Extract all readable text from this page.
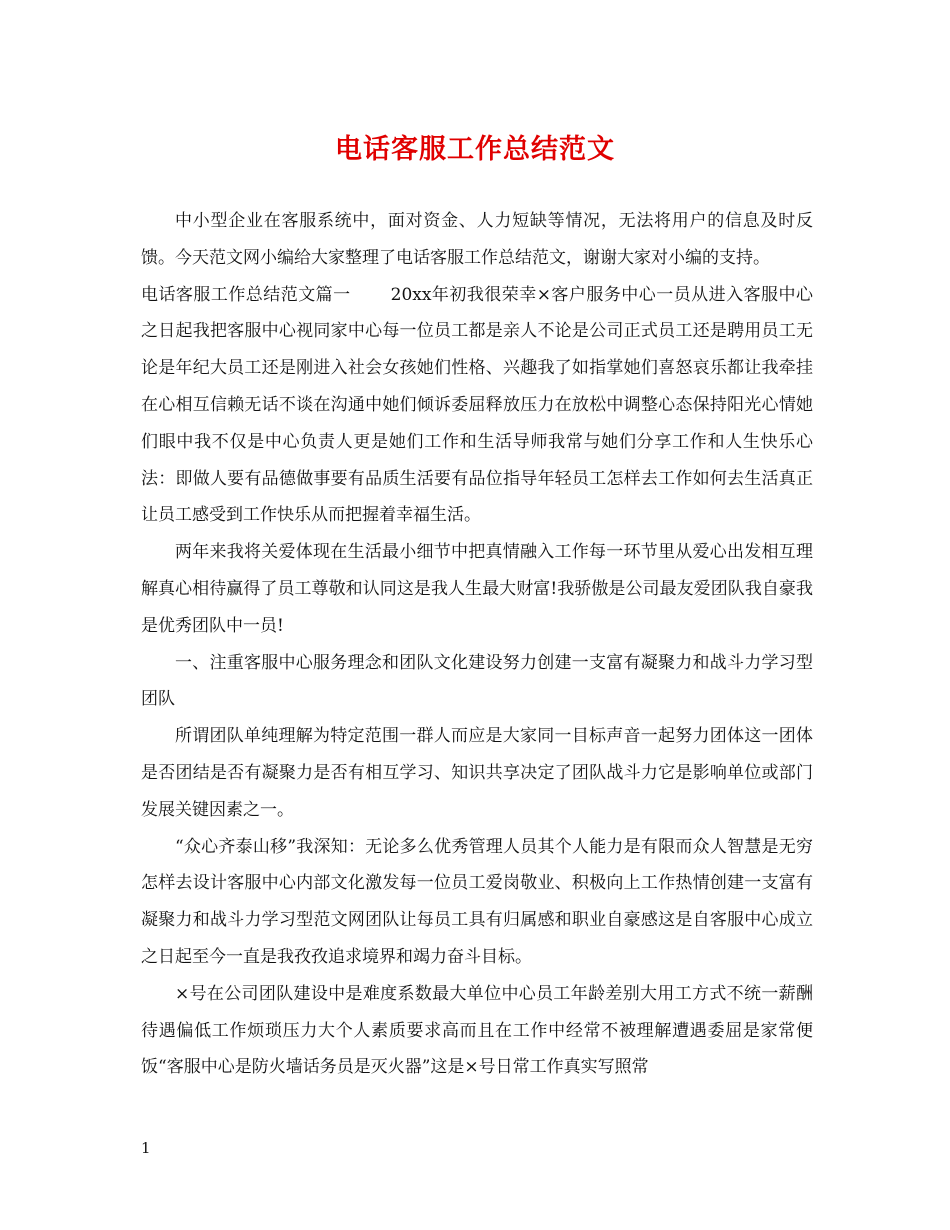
电话客服工作总结范文

中小型企业在客服系统中，面对资金、人力短缺等情况，无法将用户的信息及时反馈。今天范文网小编给大家整理了电话客服工作总结范文，谢谢大家对小编的支持。

电话客服工作总结范文篇一 20xx年初我很荣幸×客户服务中心一员从进入客服中心之日起我把客服中心视同家中心每一位员工都是亲人不论是公司正式员工还是聘用员工无论是年纪大员工还是刚进入社会女孩她们性格、兴趣我了如指掌她们喜怒哀乐都让我牵挂在心相互信赖无话不谈在沟通中她们倾诉委屈释放压力在放松中调整心态保持阳光心情她们眼中我不仅是中心负责人更是她们工作和生活导师我常与她们分享工作和人生快乐心法：即做人要有品德做事要有品质生活要有品位指导年轻员工怎样去工作如何去生活真正让员工感受到工作快乐从而把握着幸福生活。

两年来我将关爱体现在生活最小细节中把真情融入工作每一环节里从爱心出发相互理解真心相待赢得了员工尊敬和认同这是我人生最大财富!我骄傲是公司最友爱团队我自豪我是优秀团队中一员!

一、注重客服中心服务理念和团队文化建设努力创建一支富有凝聚力和战斗力学习型团队

所谓团队单纯理解为特定范围一群人而应是大家同一目标声音一起努力团体这一团体是否团结是否有凝聚力是否有相互学习、知识共享决定了团队战斗力它是影响单位或部门发展关键因素之一。

“众心齐泰山移”我深知：无论多么优秀管理人员其个人能力是有限而众人智慧是无穷怎样去设计客服中心内部文化激发每一位员工爱岗敬业、积极向上工作热情创建一支富有凝聚力和战斗力学习型范文网团队让每员工具有归属感和职业自豪感这是自客服中心成立之日起至今一直是我孜孜追求境界和竭力奋斗目标。

×号在公司团队建设中是难度系数最大单位中心员工年龄差别大用工方式不统一薪酬待遇偏低工作烦琐压力大个人素质要求高而且在工作中经常不被理解遭遇委屈是家常便饭“客服中心是防火墙话务员是灭火器”这是×号日常工作真实写照常

1
